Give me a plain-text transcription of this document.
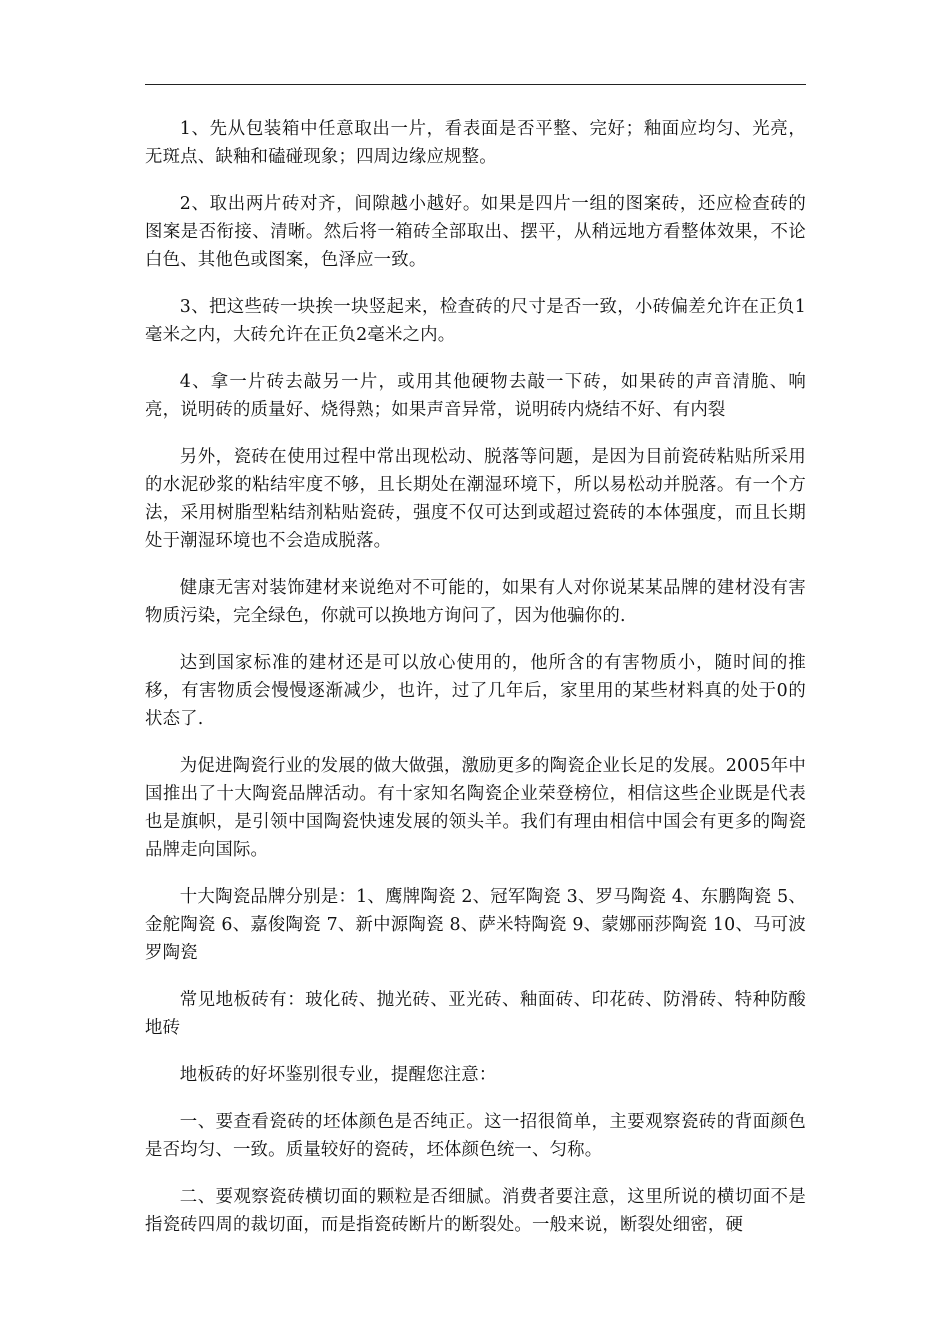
1、先从包装箱中任意取出一片，看表面是否平整、完好；釉面应均匀、光亮，无斑点、缺釉和磕碰现象；四周边缘应规整。

2、取出两片砖对齐，间隙越小越好。如果是四片一组的图案砖，还应检查砖的图案是否衔接、清晰。然后将一箱砖全部取出、摆平，从稍远地方看整体效果，不论白色、其他色或图案，色泽应一致。

3、把这些砖一块挨一块竖起来，检查砖的尺寸是否一致，小砖偏差允许在正负1毫米之内，大砖允许在正负2毫米之内。

4、拿一片砖去敲另一片，或用其他硬物去敲一下砖，如果砖的声音清脆、响亮，说明砖的质量好、烧得熟；如果声音异常，说明砖内烧结不好、有内裂

另外，瓷砖在使用过程中常出现松动、脱落等问题，是因为目前瓷砖粘贴所采用的水泥砂浆的粘结牢度不够，且长期处在潮湿环境下，所以易松动并脱落。有一个方法，采用树脂型粘结剂粘贴瓷砖，强度不仅可达到或超过瓷砖的本体强度，而且长期处于潮湿环境也不会造成脱落。

健康无害对装饰建材来说绝对不可能的，如果有人对你说某某品牌的建材没有害物质污染，完全绿色，你就可以换地方询问了，因为他骗你的.

达到国家标准的建材还是可以放心使用的，他所含的有害物质小，随时间的推移，有害物质会慢慢逐渐减少，也许，过了几年后，家里用的某些材料真的处于0的状态了.

为促进陶瓷行业的发展的做大做强，激励更多的陶瓷企业长足的发展。2005年中国推出了十大陶瓷品牌活动。有十家知名陶瓷企业荣登榜位，相信这些企业既是代表也是旗帜，是引领中国陶瓷快速发展的领头羊。我们有理由相信中国会有更多的陶瓷品牌走向国际。

十大陶瓷品牌分别是：1、鹰牌陶瓷 2、冠军陶瓷 3、罗马陶瓷 4、东鹏陶瓷 5、金舵陶瓷 6、嘉俊陶瓷 7、新中源陶瓷 8、萨米特陶瓷 9、蒙娜丽莎陶瓷 10、马可波罗陶瓷

常见地板砖有：玻化砖、抛光砖、亚光砖、釉面砖、印花砖、防滑砖、特种防酸地砖

地板砖的好坏鉴别很专业，提醒您注意：

一、要查看瓷砖的坯体颜色是否纯正。这一招很简单，主要观察瓷砖的背面颜色是否均匀、一致。质量较好的瓷砖，坯体颜色统一、匀称。

二、要观察瓷砖横切面的颗粒是否细腻。消费者要注意，这里所说的横切面不是指瓷砖四周的裁切面，而是指瓷砖断片的断裂处。一般来说，断裂处细密，硬
